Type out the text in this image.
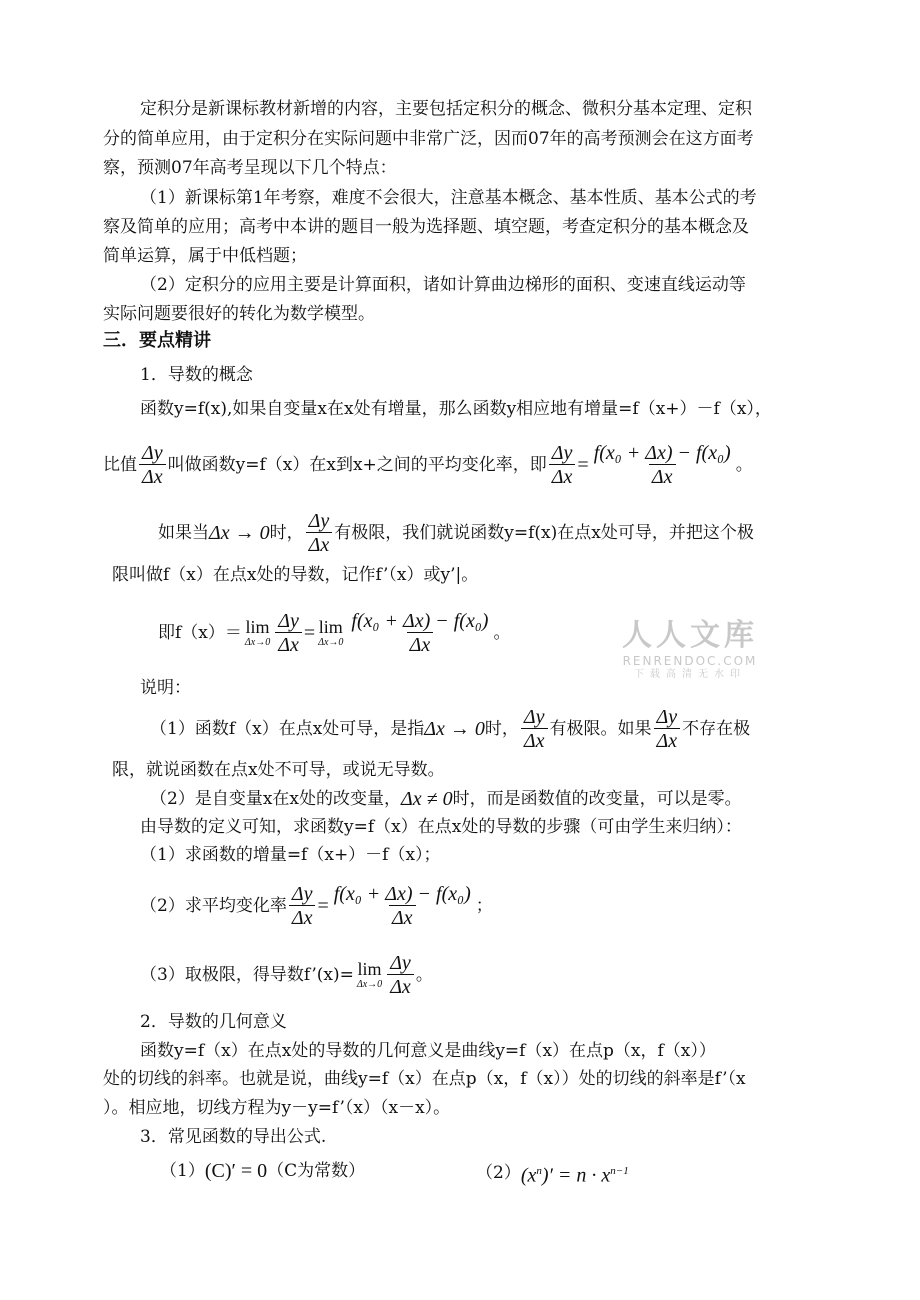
定积分是新课标教材新增的内容，主要包括定积分的概念、微积分基本定理、定积
分的简单应用，由于定积分在实际问题中非常广泛，因而07年的高考预测会在这方面考
察，预测07年高考呈现以下几个特点：
（1）新课标第1年考察，难度不会很大，注意基本概念、基本性质、基本公式的考
察及简单的应用；高考中本讲的题目一般为选择题、填空题，考查定积分的基本概念及
简单运算，属于中低档题；
（2）定积分的应用主要是计算面积，诸如计算曲边梯形的面积、变速直线运动等
实际问题要很好的转化为数学模型。
三．要点精讲
1．导数的概念
函数y=f(x),如果自变量x在x处有增量，那么函数y相应地有增量=f（x+）－f（x），
比值 $\frac{\Delta y}{\Delta x}$ 叫做函数y=f（x）在x到x+之间的平均变化率，即 $\frac{\Delta y}{\Delta x} = \frac{\text{f(x₀ + Δx) − f(x₀)}}{\Delta x}$ 。
如果当 Δx → 0 时， $\frac{\Delta y}{\Delta x}$ 有极限，我们就说函数y=f(x)在点x处可导，并把这个极
限叫做f（x）在点x处的导数，记作f’（x）或y’|。
即f（x）＝ lim
$\Delta x\to 0 \frac{\Delta y}{\Delta x} = \lim$
$\Delta x\to 0 \frac{\text{f(x₀ + Δx) − f(x₀)}}{\Delta x}$ 。	人人文库
RENRENDOC.COM
下载高清无水印
说明：
（1）函数f（x）在点x处可导，是指 Δx → 0 时， $\frac{\Delta y}{\Delta x}$ 有极限。如果 $\frac{\Delta y}{\Delta x}$ 不存在极
限，就说函数在点x处不可导，或说无导数。
（2）是自变量x在x处的改变量， Δx ≠ 0 时，而是函数值的改变量，可以是零。
由导数的定义可知，求函数y=f（x）在点x处的导数的步骤（可由学生来归纳）：
（1）求函数的增量=f（x+）－f（x）；
（2）求平均变化率 $\frac{\Delta y}{\Delta x} = \frac{\text{f(x₀ + Δx) − f(x₀)}}{\Delta x}$ ；
（3）取极限，得导数f’(x)= lim
$\Delta x\to 0 \frac{\Delta y}{\Delta x}$ 。
2．导数的几何意义
函数y=f（x）在点x处的导数的几何意义是曲线y=f（x）在点p（x，f（x））
处的切线的斜率。也就是说，曲线y=f（x）在点p（x，f（x））处的切线的斜率是f’（x
）。相应地，切线方程为y－y=f’（x）（x－x）。
3．常见函数的导出公式.
（1） (C)′ = 0 （C为常数）	（2） $(x^n)' = n \cdot x^{n-1}$
